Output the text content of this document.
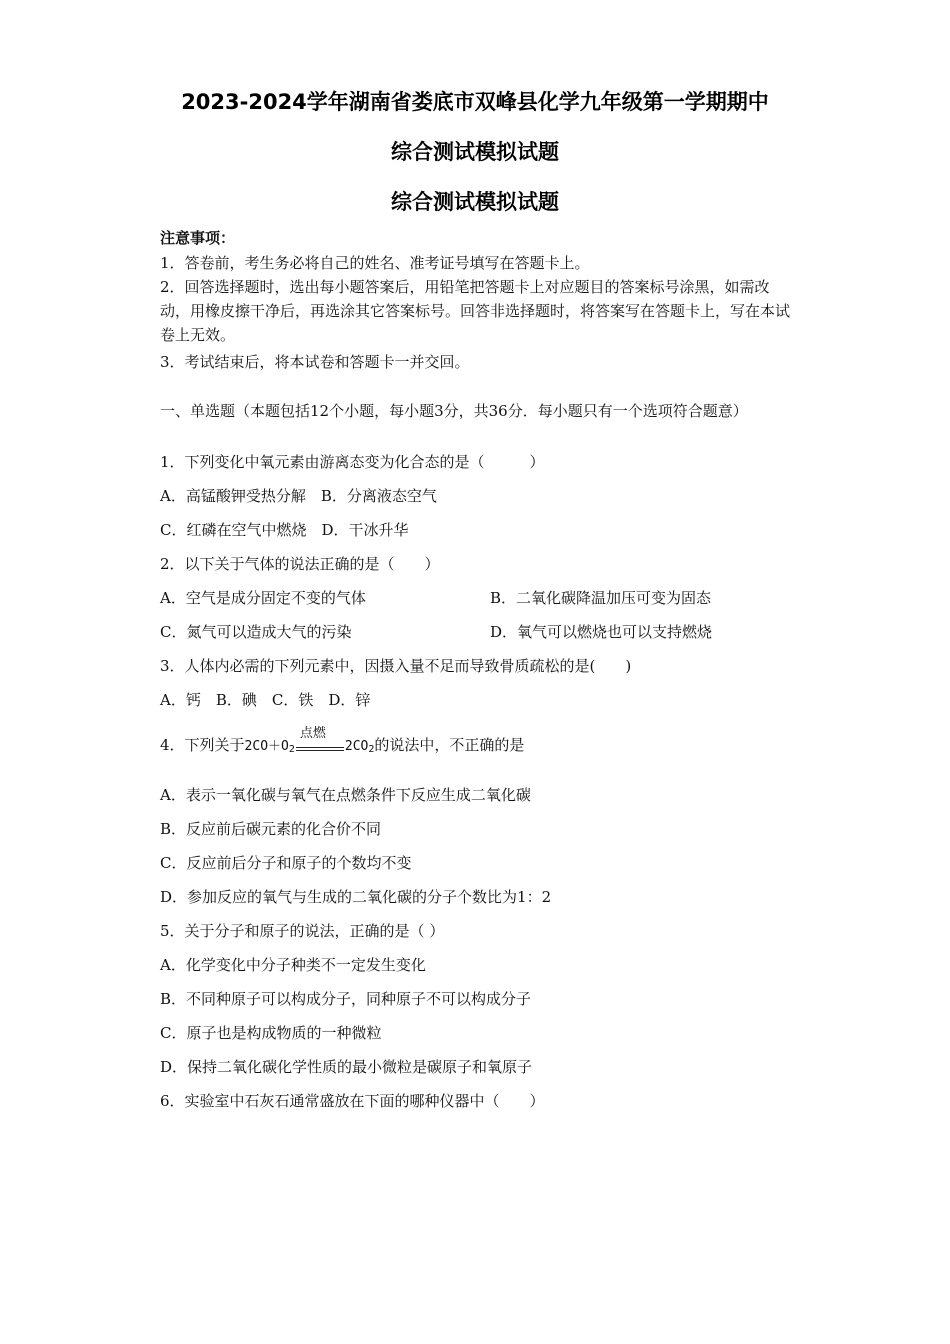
2023-2024学年湖南省娄底市双峰县化学九年级第一学期期中
综合测试模拟试题
综合测试模拟试题
注意事项：
1．答卷前，考生务必将自己的姓名、准考证号填写在答题卡上。
2．回答选择题时，选出每小题答案后，用铅笔把答题卡上对应题目的答案标号涂黑，如需改动，用橡皮擦干净后，再选涂其它答案标号。回答非选择题时，将答案写在答题卡上，写在本试卷上无效。
3．考试结束后，将本试卷和答题卡一并交回。
一、单选题（本题包括12个小题，每小题3分，共36分．每小题只有一个选项符合题意）
1．下列变化中氧元素由游离态变为化合态的是（　　　）
A．高锰酸钾受热分解　B．分离液态空气
C．红磷在空气中燃烧　D．干冰升华
2．以下关于气体的说法正确的是（　　）
A．空气是成分固定不变的气体	B．二氧化碳降温加压可变为固态
C．氮气可以造成大气的污染	D．氧气可以燃烧也可以支持燃烧
3．人体内必需的下列元素中，因摄入量不足而导致骨质疏松的是(　　)
A．钙　B．碘　C．铁　D．锌
4．下列关于$2CO+O_2$
点燃
$2CO_2$的说法中，不正确的是
A．表示一氧化碳与氧气在点燃条件下反应生成二氧化碳
B．反应前后碳元素的化合价不同
C．反应前后分子和原子的个数均不变
D．参加反应的氧气与生成的二氧化碳的分子个数比为1：2
5．关于分子和原子的说法，正确的是（ ）
A．化学变化中分子种类不一定发生变化
B．不同种原子可以构成分子，同种原子不可以构成分子
C．原子也是构成物质的一种微粒
D．保持二氧化碳化学性质的最小微粒是碳原子和氧原子
6．实验室中石灰石通常盛放在下面的哪种仪器中（　　）
